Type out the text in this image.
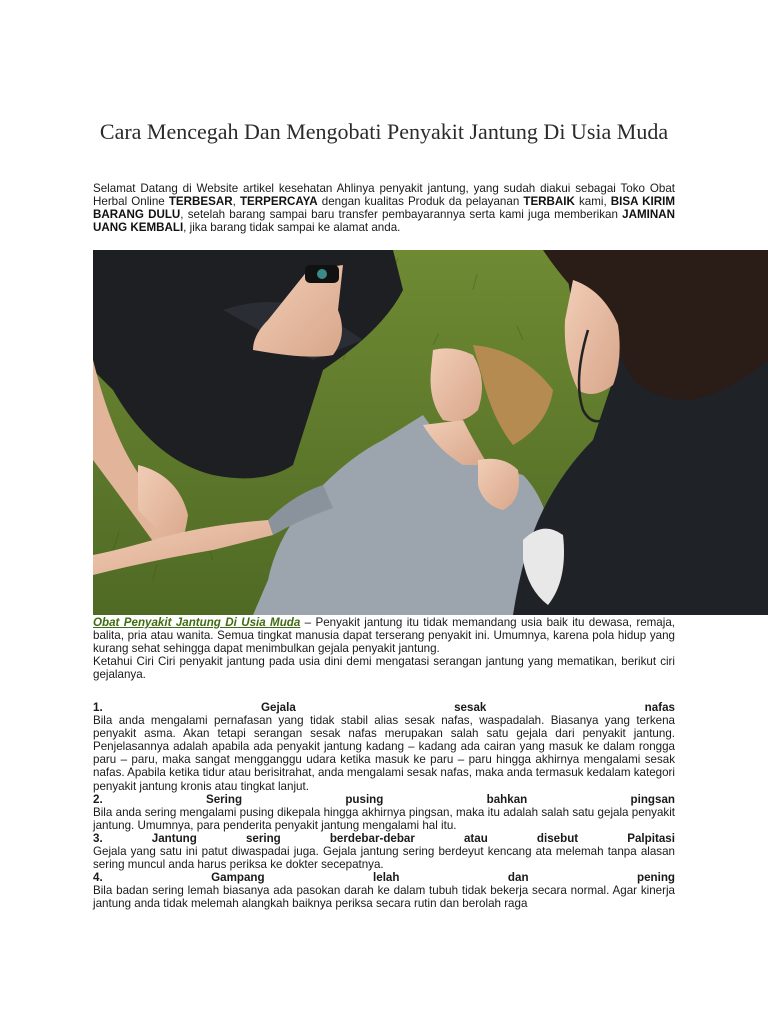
Cara Mencegah Dan Mengobati Penyakit Jantung Di Usia Muda

Selamat Datang di Website artikel kesehatan Ahlinya penyakit jantung, yang sudah diakui sebagai Toko Obat Herbal Online TERBESAR, TERPERCAYA dengan kualitas Produk da pelayanan TERBAIK kami, BISA KIRIM BARANG DULU, setelah barang sampai baru transfer pembayarannya serta kami juga memberikan JAMINAN UANG KEMBALI, jika barang tidak sampai ke alamat anda.

Obat Penyakit Jantung Di Usia Muda – Penyakit jantung itu tidak memandang usia baik itu dewasa, remaja, balita, pria atau wanita. Semua tingkat manusia dapat terserang penyakit ini. Umumnya, karena pola hidup yang kurang sehat sehingga dapat menimbulkan gejala penyakit jantung.
Ketahui Ciri Ciri penyakit jantung pada usia dini demi mengatasi serangan jantung yang mematikan, berikut ciri gejalanya.
1.	Gejala	sesak	nafas
Bila anda mengalami pernafasan yang tidak stabil alias sesak nafas, waspadalah. Biasanya yang terkena penyakit asma. Akan tetapi serangan sesak nafas merupakan salah satu gejala dari penyakit jantung. Penjelasannya adalah apabila ada penyakit jantung kadang – kadang ada cairan yang masuk ke dalam rongga paru – paru, maka sangat mengganggu udara ketika masuk ke paru – paru hingga akhirnya mengalami sesak nafas. Apabila ketika tidur atau berisitrahat, anda mengalami sesak nafas, maka anda termasuk kedalam kategori penyakit jantung kronis atau tingkat lanjut.
2.	Sering	pusing	bahkan	pingsan
Bila anda sering mengalami pusing dikepala hingga akhirnya pingsan, maka itu adalah salah satu gejala penyakit jantung. Umumnya, para penderita penyakit jantung mengalami hal itu.
3.	Jantung	sering	berdebar-debar	atau	disebut	Palpitasi
Gejala yang satu ini patut diwaspadai juga. Gejala jantung sering berdeyut kencang ata melemah tanpa alasan sering muncul anda harus periksa ke dokter secepatnya.
4.	Gampang	lelah	dan	pening
Bila badan sering lemah biasanya ada pasokan darah ke dalam tubuh tidak bekerja secara normal. Agar kinerja jantung anda tidak melemah alangkah baiknya periksa secara rutin dan berolah raga
